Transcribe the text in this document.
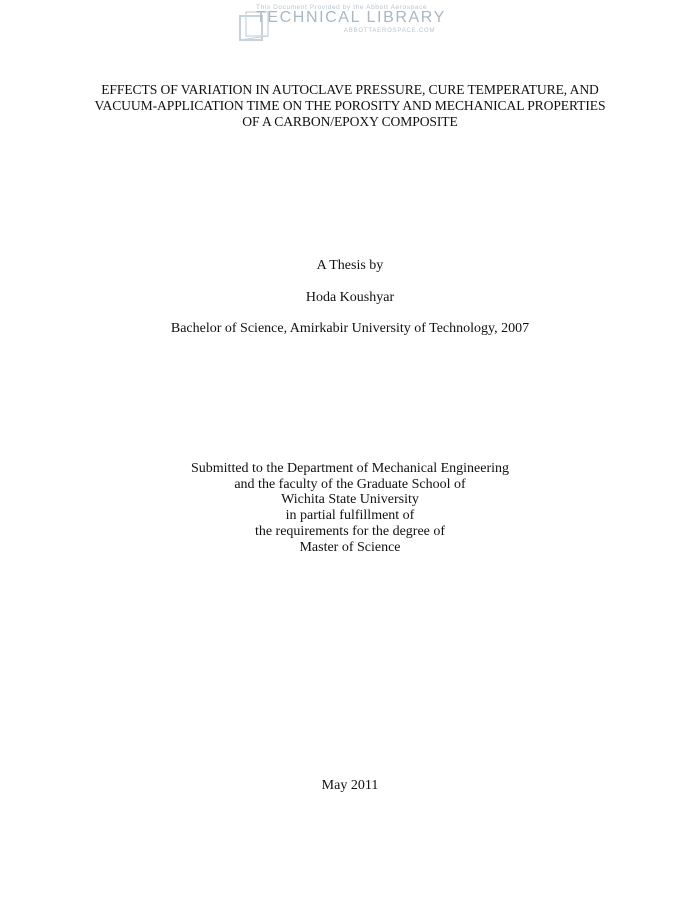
This Document Provided by the Abbott Aerospace
TECHNICAL LIBRARY
ABBOTTAEROSPACE.COM
EFFECTS OF VARIATION IN AUTOCLAVE PRESSURE, CURE TEMPERATURE, AND
VACUUM-APPLICATION TIME ON THE POROSITY AND MECHANICAL PROPERTIES
OF A CARBON/EPOXY COMPOSITE
A Thesis by
Hoda Koushyar
Bachelor of Science, Amirkabir University of Technology, 2007
Submitted to the Department of Mechanical Engineering
and the faculty of the Graduate School of
Wichita State University
in partial fulfillment of
the requirements for the degree of
Master of Science
May 2011
